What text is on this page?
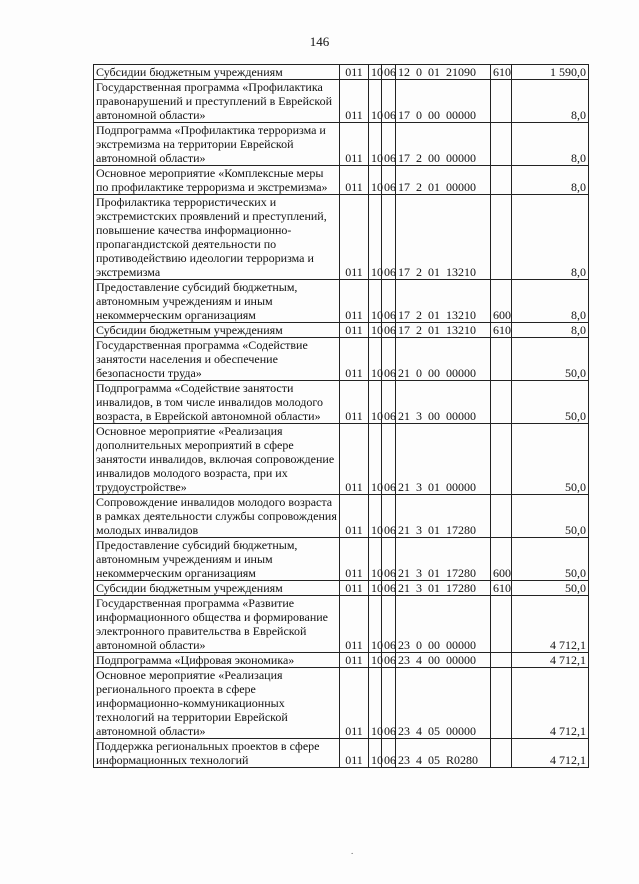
146
Субсидии бюджетным учреждениям	011	10	06	12 0 01 21090	610	1 590,0
Государственная программа «Профилактика правонарушений и преступлений в Еврейской автономной области»	011	10	06	17 0 00 00000		8,0
Подпрограмма «Профилактика терроризма и экстремизма на территории Еврейской автономной области»	011	10	06	17 2 00 00000		8,0
Основное мероприятие «Комплексные меры по профилактике терроризма и экстремизма»	011	10	06	17 2 01 00000		8,0
Профилактика террористических и экстремистских проявлений и преступлений, повышение качества информационно-пропагандистской деятельности по противодействию идеологии терроризма и экстремизма	011	10	06	17 2 01 13210		8,0
Предоставление субсидий бюджетным, автономным учреждениям и иным некоммерческим организациям	011	10	06	17 2 01 13210	600	8,0
Субсидии бюджетным учреждениям	011	10	06	17 2 01 13210	610	8,0
Государственная программа «Содействие занятости населения и обеспечение безопасности труда»	011	10	06	21 0 00 00000		50,0
Подпрограмма «Содействие занятости инвалидов, в том числе инвалидов молодого возраста, в Еврейской автономной области»	011	10	06	21 3 00 00000		50,0
Основное мероприятие «Реализация дополнительных мероприятий в сфере занятости инвалидов, включая сопровождение инвалидов молодого возраста, при их трудоустройстве»	011	10	06	21 3 01 00000		50,0
Сопровождение инвалидов молодого возраста в рамках деятельности службы сопровождения молодых инвалидов	011	10	06	21 3 01 17280		50,0
Предоставление субсидий бюджетным, автономным учреждениям и иным некоммерческим организациям	011	10	06	21 3 01 17280	600	50,0
Субсидии бюджетным учреждениям	011	10	06	21 3 01 17280	610	50,0
Государственная программа «Развитие информационного общества и формирование электронного правительства в Еврейской автономной области»	011	10	06	23 0 00 00000		4 712,1
Подпрограмма «Цифровая экономика»	011	10	06	23 4 00 00000		4 712,1
Основное мероприятие «Реализация регионального проекта в сфере информационно-коммуникационных технологий на территории Еврейской автономной области»	011	10	06	23 4 05 00000		4 712,1
Поддержка региональных проектов в сфере информационных технологий	011	10	06	23 4 05 R0280		4 712,1
.
